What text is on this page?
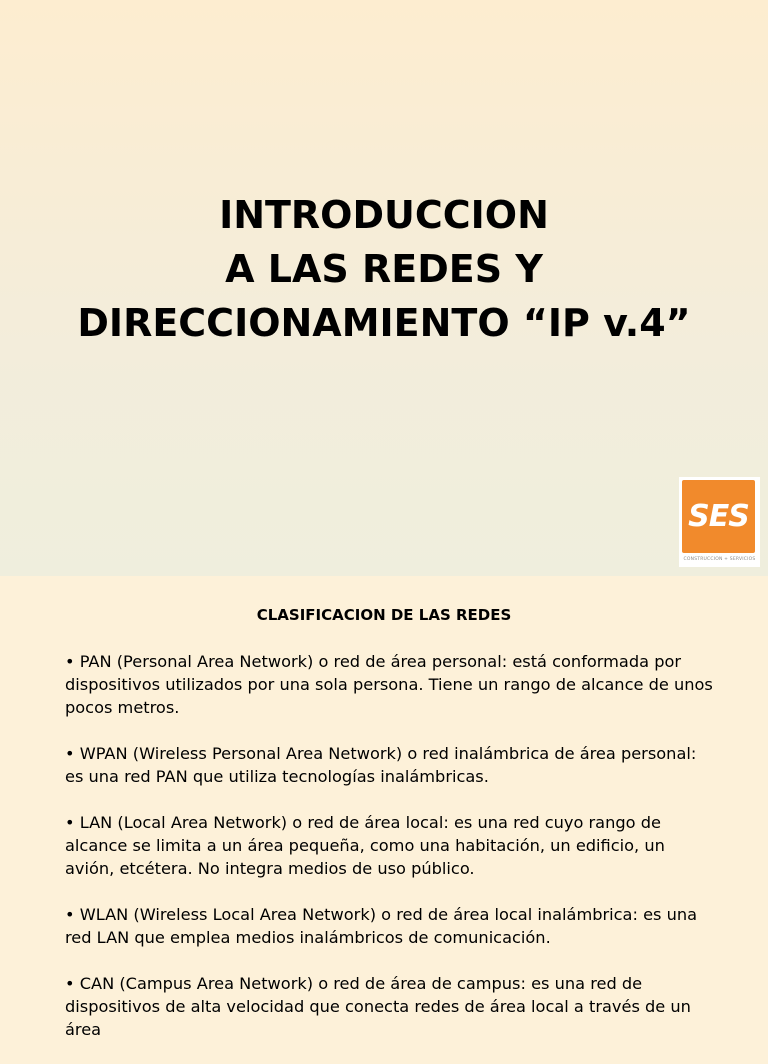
INTRODUCCION
A LAS REDES Y
DIRECCIONAMIENTO “IP v.4”
SES
CONSTRUCCION + SERVICIOS
CLASIFICACION DE LAS REDES

• PAN (Personal Area Network) o red de área personal: está conformada por dispositivos utilizados por una sola persona. Tiene un rango de alcance de unos pocos metros.

• WPAN (Wireless Personal Area Network) o red inalámbrica de área personal: es una red PAN que utiliza tecnologías inalámbricas.

• LAN (Local Area Network) o red de área local: es una red cuyo rango de alcance se limita a un área pequeña, como una habitación, un edificio, un avión, etcétera. No integra medios de uso público.

• WLAN (Wireless Local Area Network) o red de área local inalámbrica: es una red LAN que emplea medios inalámbricos de comunicación.

• CAN (Campus Area Network) o red de área de campus: es una red de dispositivos de alta velocidad que conecta redes de área local a través de un área
